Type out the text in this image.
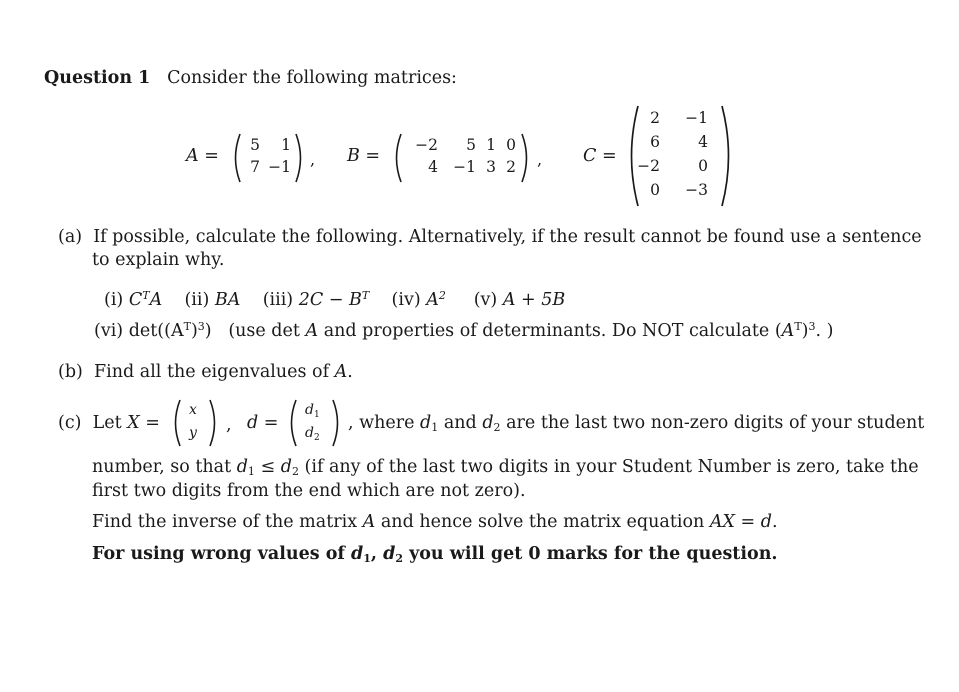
Question 1 Consider the following matrices:
A =
5	1
7 −1 , B =
−2	5 1 0
4 −1 3 2 , C =
2	−1
6	4
−2	0
0	−3
(a) If possible, calculate the following. Alternatively, if the result cannot be found use a sentence
to explain why.
(i) $C^TA$ (ii) BA (iii) $2C - B^T$ (iv) $A^2$ (v) A + 5B
(vi) $\det((A^T)^3)$ (use det A and properties of determinants. Do NOT calculate $(A^T)^3$. )
(b) Find all the eigenvalues of A.
(c) Let X =
x
y , d =
$d_1$
$d_2$
, where $d_1$ and $d_2$ are the last two non-zero digits of your student
number, so that $d_1 \le d_2$ (if any of the last two digits in your Student Number is zero, take the
first two digits from the end which are not zero).
Find the inverse of the matrix A and hence solve the matrix equation AX = d.
For using wrong values of $d_1$, $d_2$ you will get 0 marks for the question.
